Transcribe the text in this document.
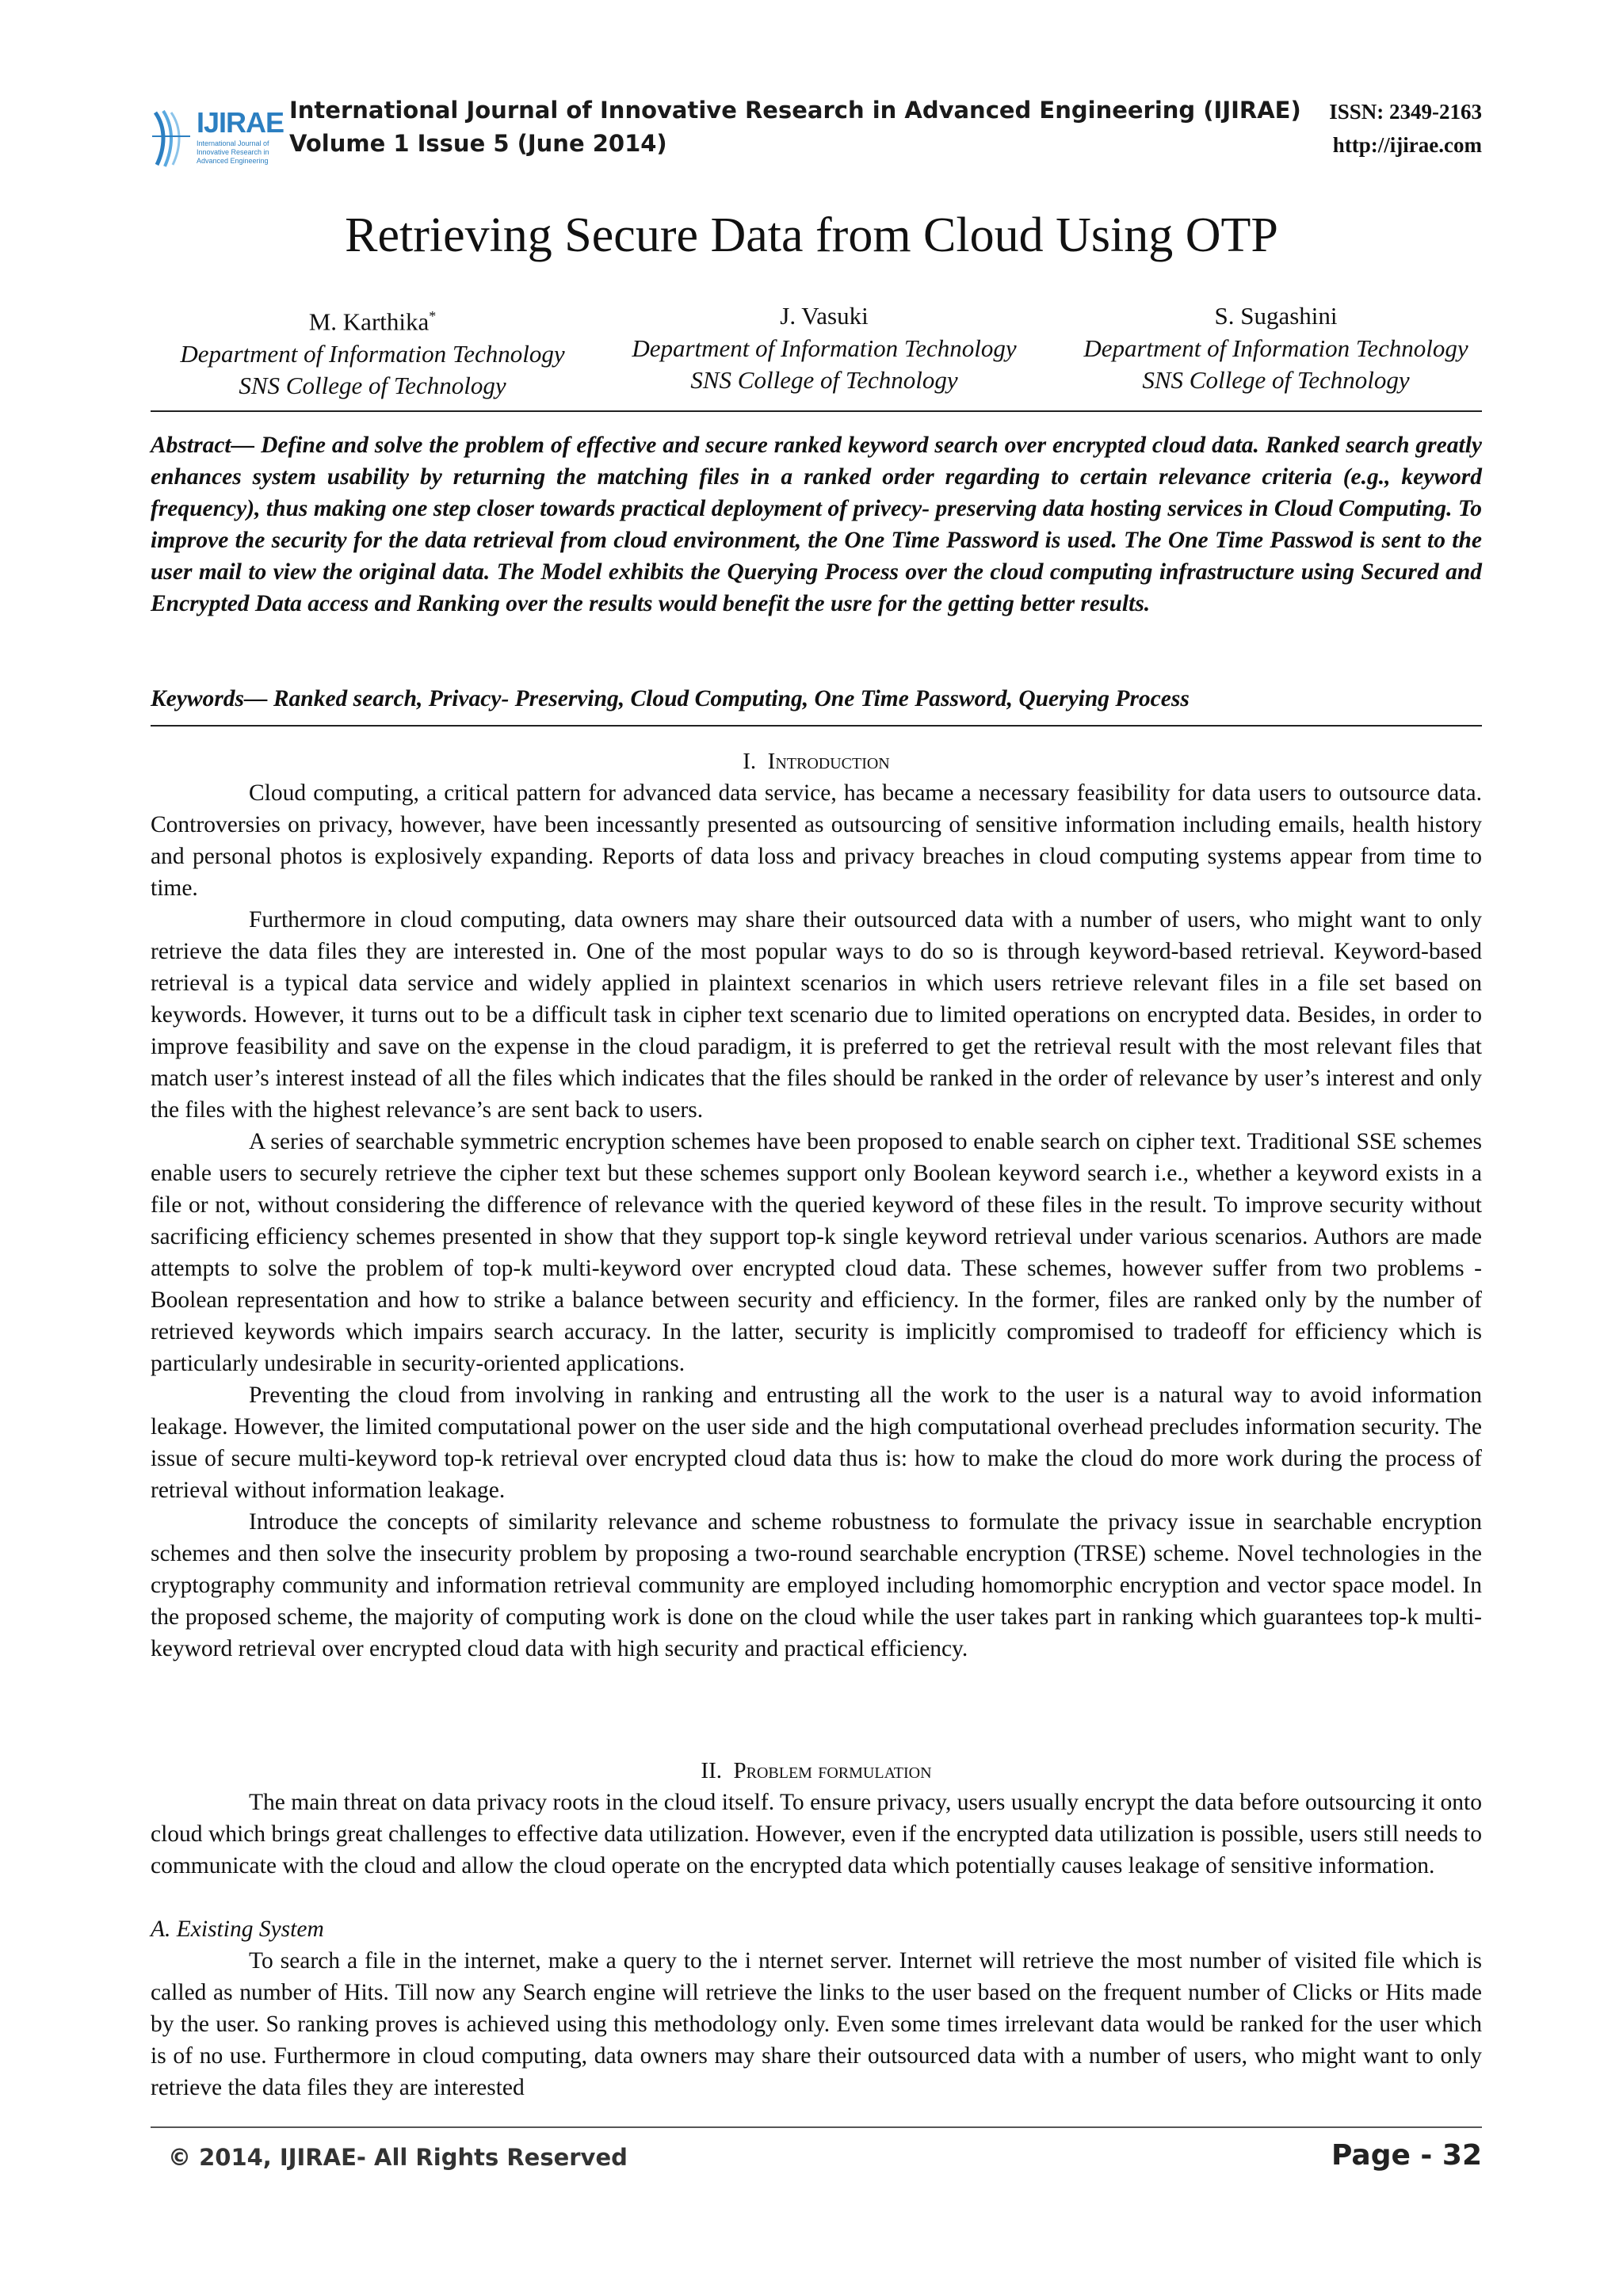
IJIRAE
International Journal of Innovative Research in Advanced Engineering
International Journal of Innovative Research in Advanced Engineering (IJIRAE)
Volume 1 Issue 5 (June 2014)
ISSN: 2349-2163
http://ijirae.com
Retrieving Secure Data from Cloud Using OTP
M. Karthika*
Department of Information Technology
SNS College of Technology
J. Vasuki
Department of Information Technology
SNS College of Technology
S. Sugashini
Department of Information Technology
SNS College of Technology
Abstract— Define and solve the problem of effective and secure ranked keyword search over encrypted cloud data. Ranked search greatly enhances system usability by returning the matching files in a ranked order regarding to certain relevance criteria (e.g., keyword frequency), thus making one step closer towards practical deployment of privecy- preserving data hosting services in Cloud Computing. To improve the security for the data retrieval from cloud environment, the One Time Password is used. The One Time Passwod is sent to the user mail to view the original data. The Model exhibits the Querying Process over the cloud computing infrastructure using Secured and Encrypted Data access and Ranking over the results would benefit the usre for the getting better results.
Keywords— Ranked search, Privacy- Preserving, Cloud Computing, One Time Password, Querying Process
I. Introduction

Cloud computing, a critical pattern for advanced data service, has became a necessary feasibility for data users to outsource data. Controversies on privacy, however, have been incessantly presented as outsourcing of sensitive information including emails, health history and personal photos is explosively expanding. Reports of data loss and privacy breaches in cloud computing systems appear from time to time.

Furthermore in cloud computing, data owners may share their outsourced data with a number of users, who might want to only retrieve the data files they are interested in. One of the most popular ways to do so is through keyword-based retrieval. Keyword-based retrieval is a typical data service and widely applied in plaintext scenarios in which users retrieve relevant files in a file set based on keywords. However, it turns out to be a difficult task in cipher text scenario due to limited operations on encrypted data. Besides, in order to improve feasibility and save on the expense in the cloud paradigm, it is preferred to get the retrieval result with the most relevant files that match user’s interest instead of all the files which indicates that the files should be ranked in the order of relevance by user’s interest and only the files with the highest relevance’s are sent back to users.

A series of searchable symmetric encryption schemes have been proposed to enable search on cipher text. Traditional SSE schemes enable users to securely retrieve the cipher text but these schemes support only Boolean keyword search i.e., whether a keyword exists in a file or not, without considering the difference of relevance with the queried keyword of these files in the result. To improve security without sacrificing efficiency schemes presented in show that they support top-k single keyword retrieval under various scenarios. Authors are made attempts to solve the problem of top-k multi-keyword over encrypted cloud data. These schemes, however suffer from two problems - Boolean representation and how to strike a balance between security and efficiency. In the former, files are ranked only by the number of retrieved keywords which impairs search accuracy. In the latter, security is implicitly compromised to tradeoff for efficiency which is particularly undesirable in security-oriented applications.

Preventing the cloud from involving in ranking and entrusting all the work to the user is a natural way to avoid information leakage. However, the limited computational power on the user side and the high computational overhead precludes information security. The issue of secure multi-keyword top-k retrieval over encrypted cloud data thus is: how to make the cloud do more work during the process of retrieval without information leakage.

Introduce the concepts of similarity relevance and scheme robustness to formulate the privacy issue in searchable encryption schemes and then solve the insecurity problem by proposing a two-round searchable encryption (TRSE) scheme. Novel technologies in the cryptography community and information retrieval community are employed including homomorphic encryption and vector space model. In the proposed scheme, the majority of computing work is done on the cloud while the user takes part in ranking which guarantees top-k multi-keyword retrieval over encrypted cloud data with high security and practical efficiency.

II. Problem formulation

The main threat on data privacy roots in the cloud itself. To ensure privacy, users usually encrypt the data before outsourcing it onto cloud which brings great challenges to effective data utilization. However, even if the encrypted data utilization is possible, users still needs to communicate with the cloud and allow the cloud operate on the encrypted data which potentially causes leakage of sensitive information.

A. Existing System

To search a file in the internet, make a query to the i nternet server. Internet will retrieve the most number of visited file which is called as number of Hits. Till now any Search engine will retrieve the links to the user based on the frequent number of Clicks or Hits made by the user. So ranking proves is achieved using this methodology only. Even some times irrelevant data would be ranked for the user which is of no use. Furthermore in cloud computing, data owners may share their outsourced data with a number of users, who might want to only retrieve the data files they are interested

© 2014, IJIRAE- All Rights Reserved	Page - 32
